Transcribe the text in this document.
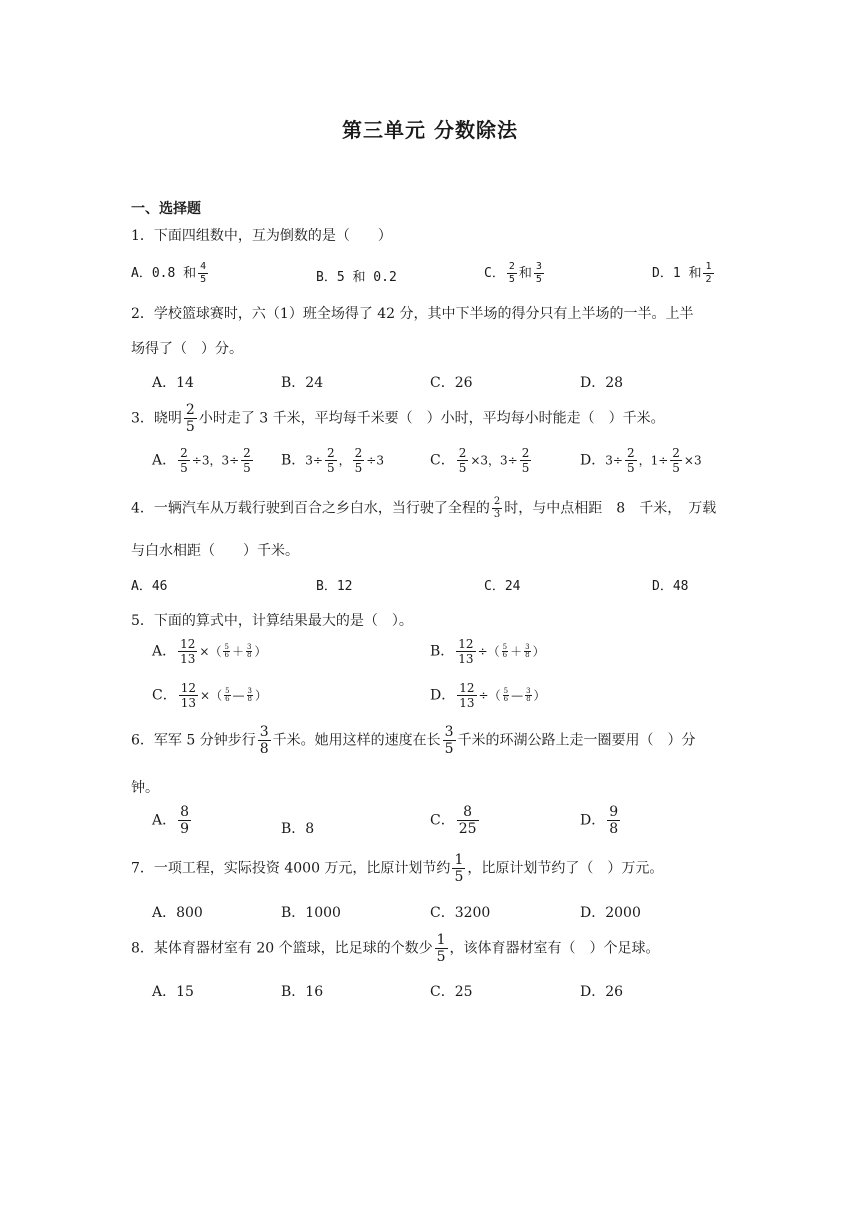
第三单元 分数除法
一、选择题
1．下面四组数中，互为倒数的是（　　）
A．0.8 和 $\frac{4}{5}$	B．5 和 0.2	C． $\frac{2}{5}$ 和 $\frac{3}{5}$	D．1 和 $\frac{1}{2}$
2．学校篮球赛时，六（1）班全场得了 42 分，其中下半场的得分只有上半场的一半。上半
场得了（　）分。
A．14	B．24	C．26	D．28
3．晓明 $\frac{2}{5}$ 小时走了 3 千米，平均每千米要（　）小时，平均每小时能走（　）千米。
A． $\frac{2}{5} \div 3$，$3\div \frac{2}{5}$ B．$3\div \frac{2}{5}$ ， $\frac{2}{5} \div 3$	C． $\frac{2}{5} \times 3$，$3\div \frac{2}{5}$	D．$3\div \frac{2}{5}$ ，$1\div \frac{2}{5} \times 3$
4．一辆汽车从万载行驶到百合之乡白水，当行驶了全程的 $\frac{2}{3}$ 时，与中点相距　8　千米，　万载
与白水相距（　　）千米。
A．46	B．12	C．24	D．48
5．下面的算式中，计算结果最大的是（　）。
A． $\frac{12}{13}$ ×（ $\frac{5}{6} + \frac{3}{8}$ ）	B． $\frac{12}{13}$ ÷（ $\frac{5}{6} + \frac{3}{8}$ ）
C． $\frac{12}{13}$ ×（ $\frac{5}{6}$ — $\frac{3}{8}$ ）	D． $\frac{12}{13}$ ÷（ $\frac{5}{6}$ — $\frac{3}{8}$ ）
6．军军 5 分钟步行 $\frac{3}{8}$ 千米。她用这样的速度在长 $\frac{3}{5}$ 千米的环湖公路上走一圈要用（　）分
钟。
A． $\frac{8}{9}$	B．8
C． $\frac{8}{25}$	D． $\frac{9}{8}$
7．一项工程，实际投资 4000 万元，比原计划节约 $\frac{1}{5}$ ，比原计划节约了（　）万元。
A．800	B．1000	C．3200	D．2000
8．某体育器材室有 20 个篮球，比足球的个数少 $\frac{1}{5}$ ，该体育器材室有（　）个足球。
A．15	B．16	C．25	D．26
